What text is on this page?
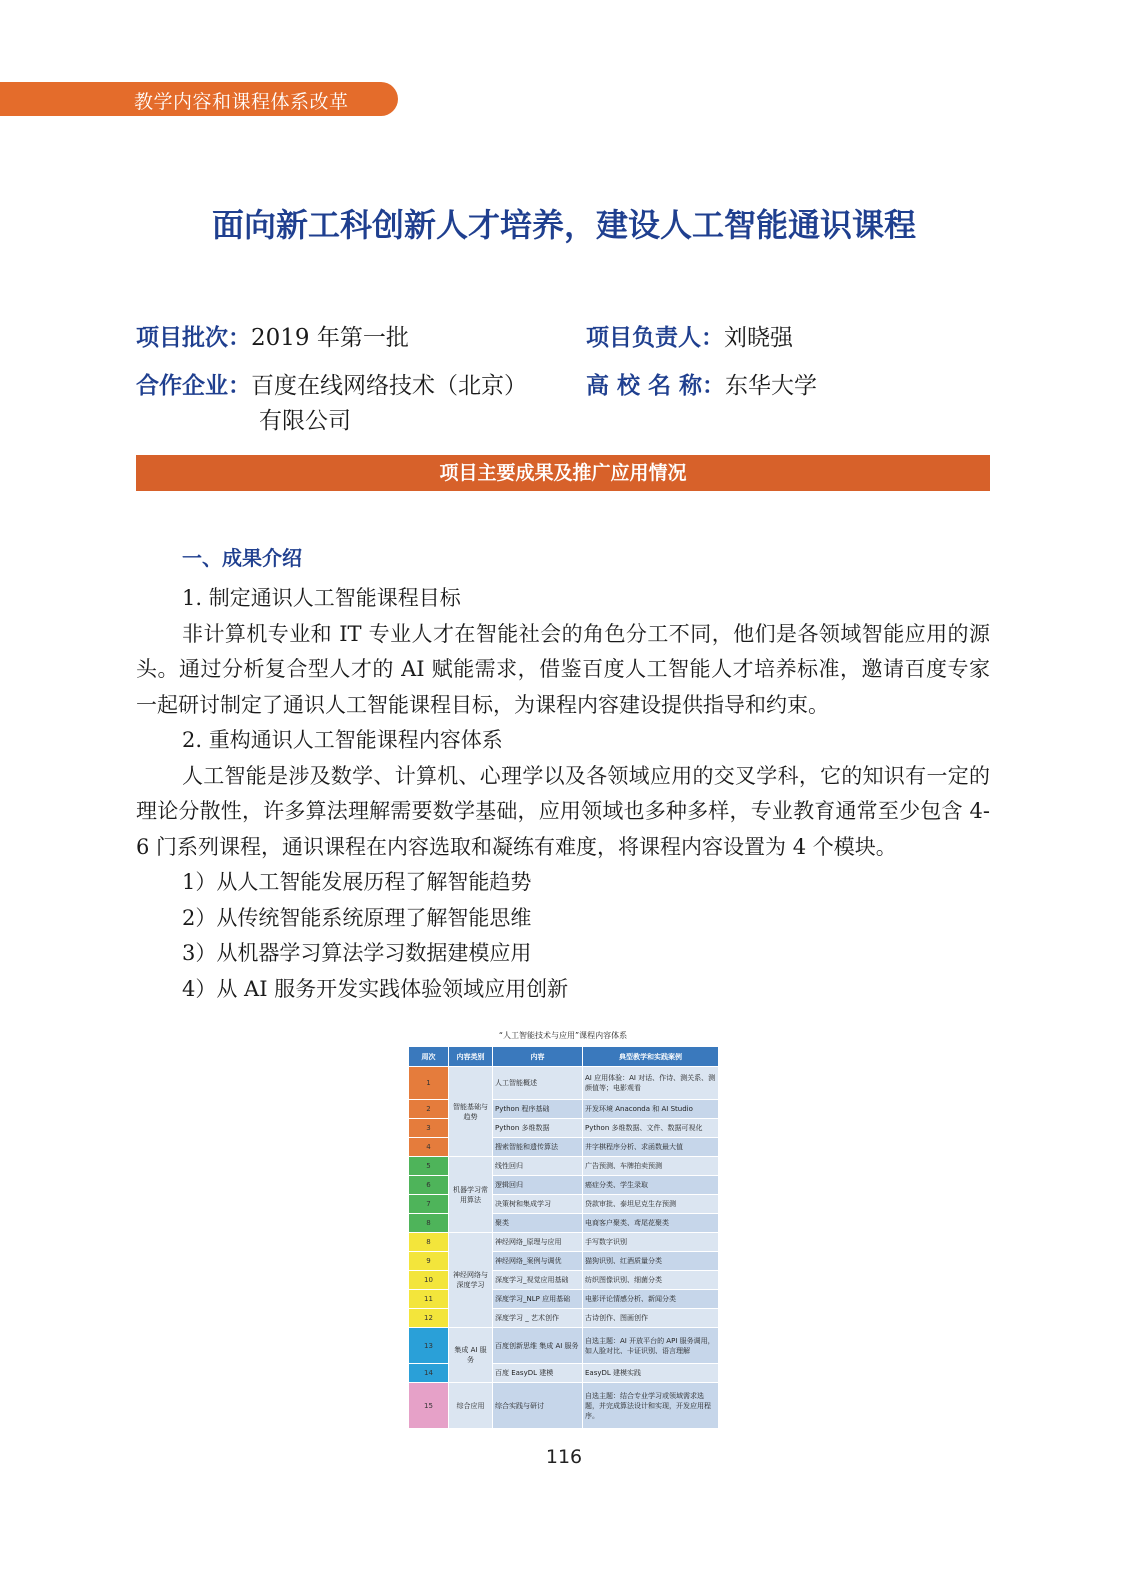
教学内容和课程体系改革
面向新工科创新人才培养，建设人工智能通识课程
项目批次：2019 年第一批	项目负责人：刘晓强
合作企业：百度在线网络技术（北京）
有限公司
高 校 名 称：东华大学
项目主要成果及推广应用情况
一、成果介绍

1. 制定通识人工智能课程目标

非计算机专业和 IT 专业人才在智能社会的角色分工不同，他们是各领域智能应用的源头。通过分析复合型人才的 AI 赋能需求，借鉴百度人工智能人才培养标准，邀请百度专家一起研讨制定了通识人工智能课程目标，为课程内容建设提供指导和约束。

2. 重构通识人工智能课程内容体系

人工智能是涉及数学、计算机、心理学以及各领域应用的交叉学科，它的知识有一定的理论分散性，许多算法理解需要数学基础，应用领域也多种多样，专业教育通常至少包含 4-6 门系列课程，通识课程在内容选取和凝练有难度，将课程内容设置为 4 个模块。

1）从人工智能发展历程了解智能趋势

2）从传统智能系统原理了解智能思维

3）从机器学习算法学习数据建模应用

4）从 AI 服务开发实践体验领域应用创新

“人工智能技术与应用”课程内容体系
周次	内容类别	内容	典型教学和实践案例
1	智能基础与趋势	人工智能概述	AI 应用体验：AI 对话、作诗、测关系、测颜值等；电影观看
2		Python 程序基础	开发环境 Anaconda 和 AI Studio
3		Python 多维数据	Python 多维数据、文件、数据可视化
4		搜索智能和遗传算法	井字棋程序分析、求函数最大值
5	机器学习常用算法	线性回归	广告预测、车牌拍卖预测
6		逻辑回归	癌症分类、学生录取
7		决策树和集成学习	贷款审批、泰坦尼克生存预测
8		聚类	电商客户聚类、鸢尾花聚类
8	神经网络与深度学习	神经网络_原理与应用	手写数字识别
9		神经网络_案例与调优	猫狗识别、红酒质量分类
10		深度学习_视觉应用基础	纺织图像识别、细菌分类
11		深度学习_NLP 应用基础	电影评论情感分析、新闻分类
12		深度学习 _ 艺术创作	古诗创作、图画创作
13	集成 AI 服务	百度创新思维 集成 AI 服务	自选主题：AI 开放平台的 API 服务调用，如人脸对比、卡证识别、语言理解
14		百度 EasyDL 建模	EasyDL 建模实践
15	综合应用	综合实践与研讨	自选主题：结合专业学习或领域需求选题，并完成算法设计和实现，开发应用程序。
116
